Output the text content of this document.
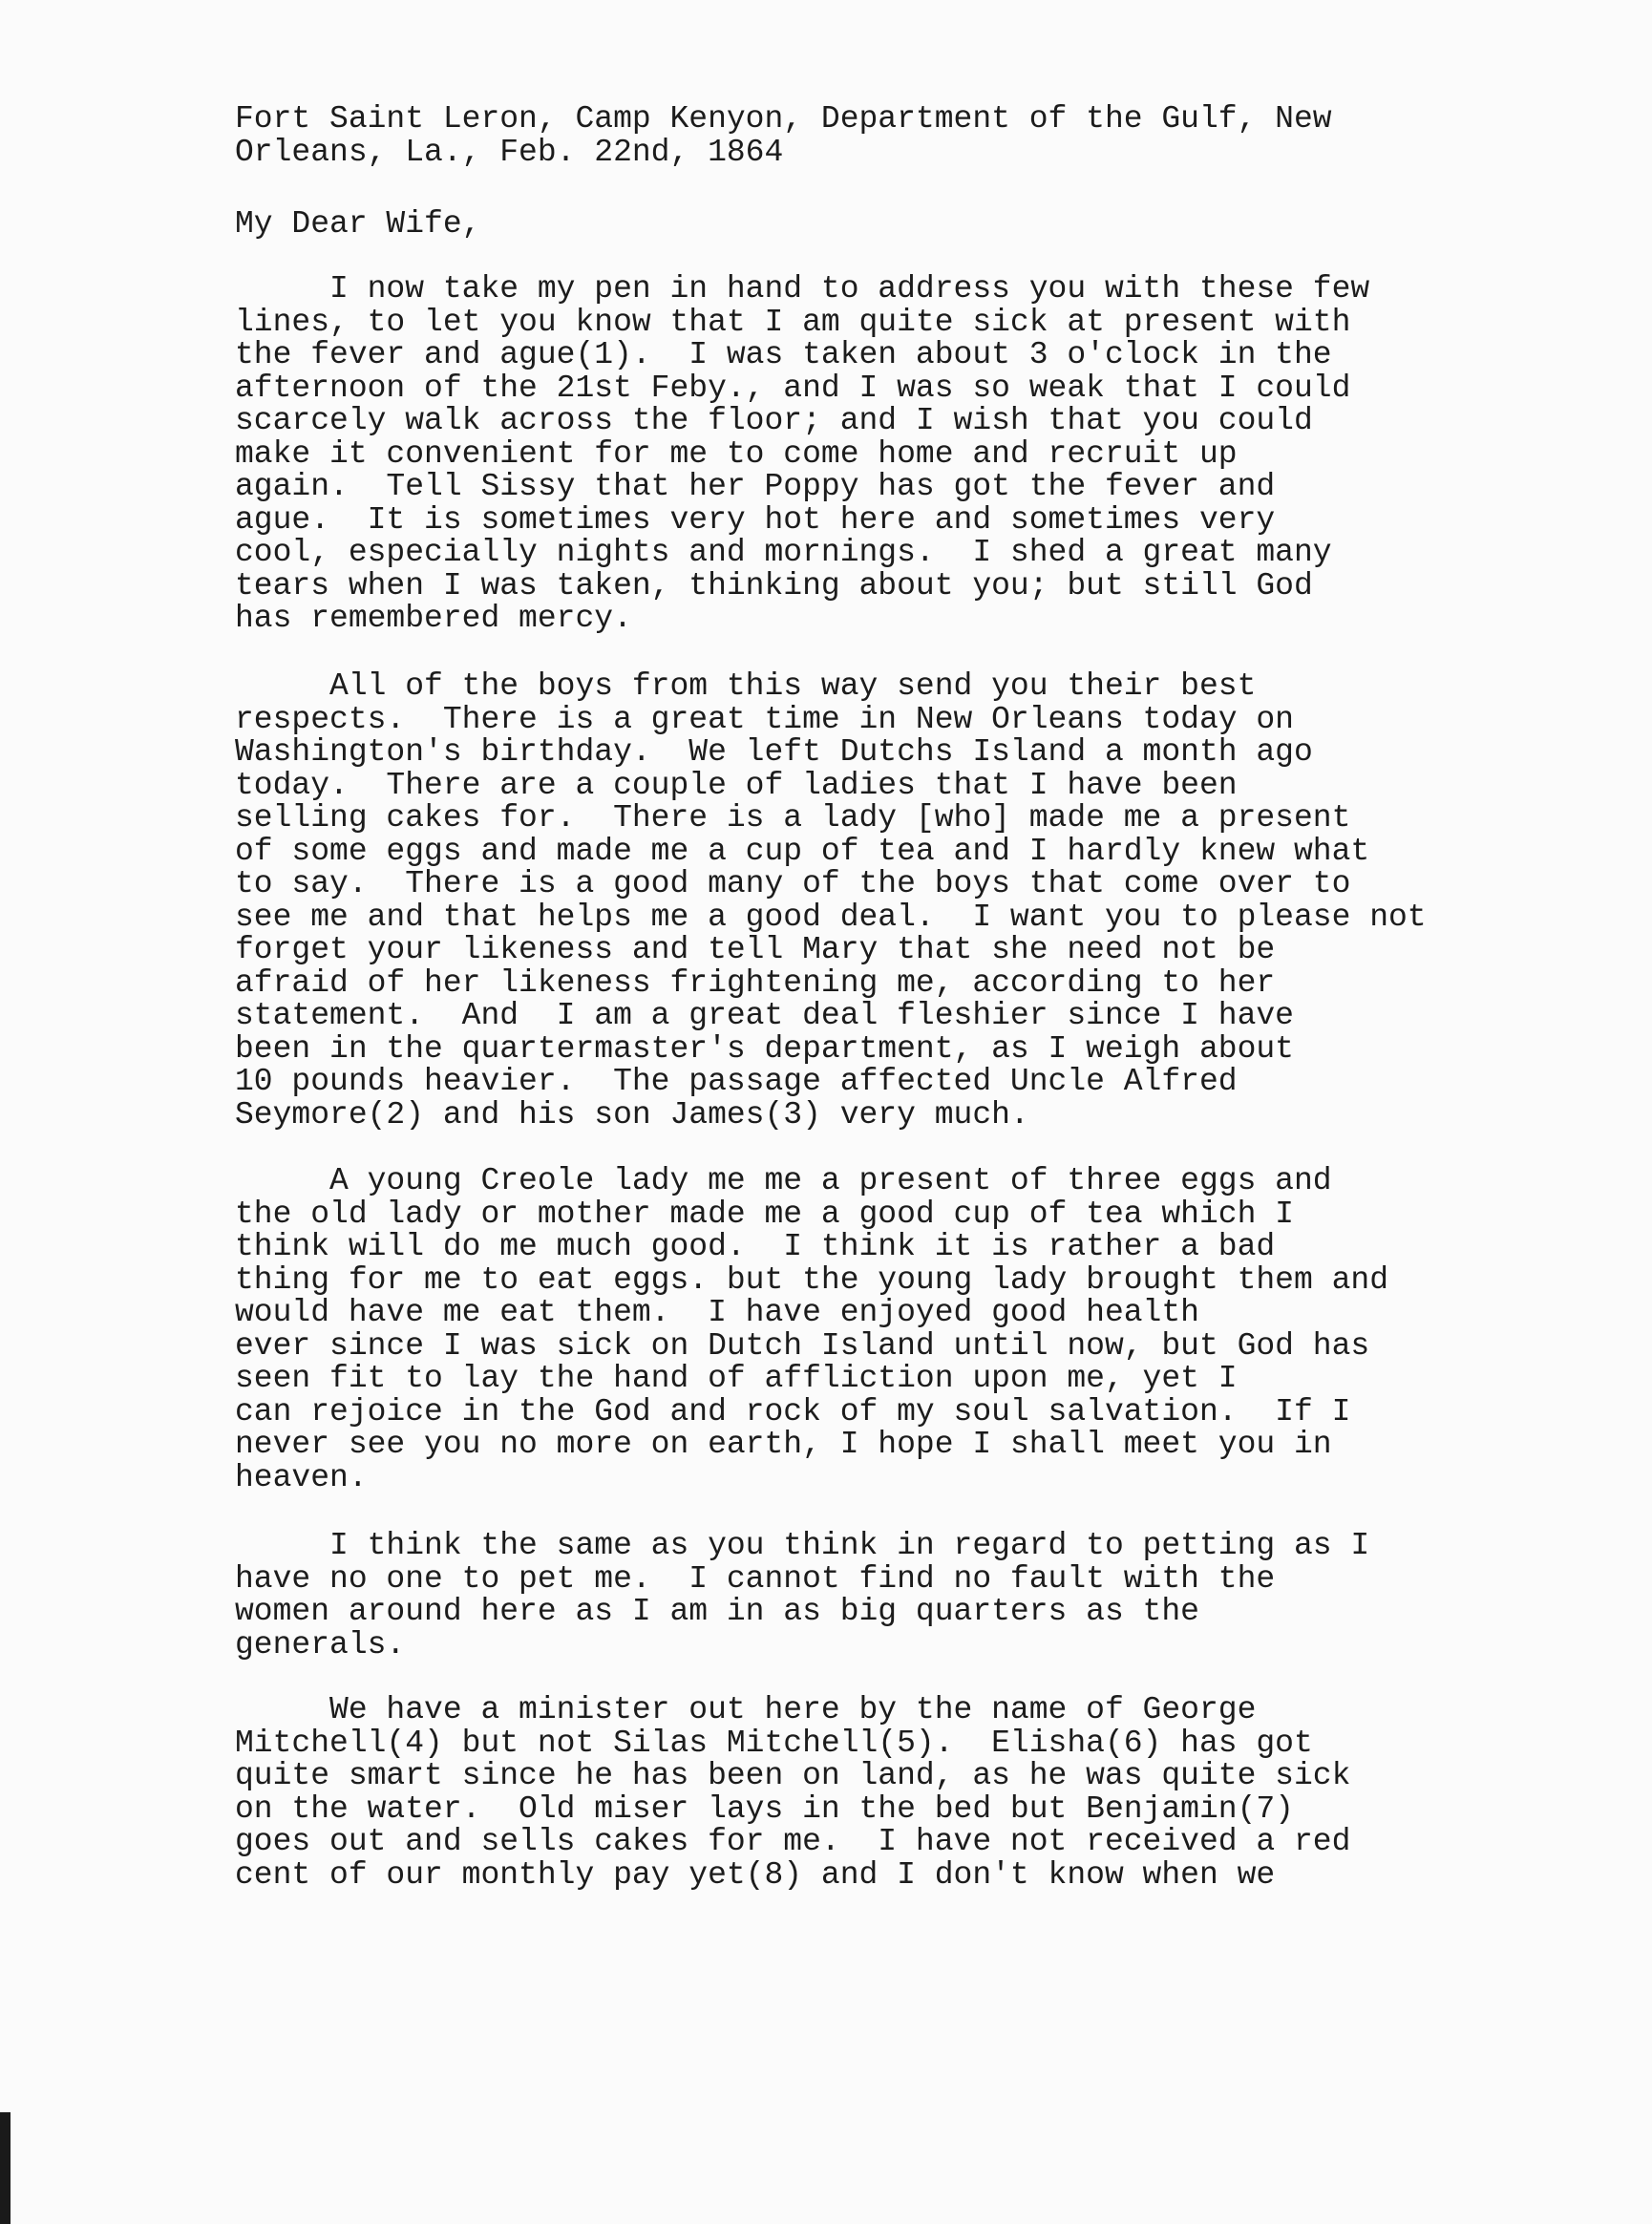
Fort Saint Leron, Camp Kenyon, Department of the Gulf, New
Orleans, La., Feb. 22nd, 1864
My Dear Wife,
I now take my pen in hand to address you with these few
lines, to let you know that I am quite sick at present with
the fever and ague(1).  I was taken about 3 o'clock in the
afternoon of the 21st Feby., and I was so weak that I could
scarcely walk across the floor; and I wish that you could
make it convenient for me to come home and recruit up
again.  Tell Sissy that her Poppy has got the fever and
ague.  It is sometimes very hot here and sometimes very
cool, especially nights and mornings.  I shed a great many
tears when I was taken, thinking about you; but still God
has remembered mercy.
All of the boys from this way send you their best
respects.  There is a great time in New Orleans today on
Washington's birthday.  We left Dutchs Island a month ago
today.  There are a couple of ladies that I have been
selling cakes for.  There is a lady [who] made me a present
of some eggs and made me a cup of tea and I hardly knew what
to say.  There is a good many of the boys that come over to
see me and that helps me a good deal.  I want you to please not
forget your likeness and tell Mary that she need not be
afraid of her likeness frightening me, according to her
statement.  And  I am a great deal fleshier since I have
been in the quartermaster's department, as I weigh about
10 pounds heavier.  The passage affected Uncle Alfred
Seymore(2) and his son James(3) very much.
A young Creole lady me me a present of three eggs and
the old lady or mother made me a good cup of tea which I
think will do me much good.  I think it is rather a bad
thing for me to eat eggs. but the young lady brought them and
would have me eat them.  I have enjoyed good health
ever since I was sick on Dutch Island until now, but God has
seen fit to lay the hand of affliction upon me, yet I
can rejoice in the God and rock of my soul salvation.  If I
never see you no more on earth, I hope I shall meet you in
heaven.
I think the same as you think in regard to petting as I
have no one to pet me.  I cannot find no fault with the
women around here as I am in as big quarters as the
generals.
We have a minister out here by the name of George
Mitchell(4) but not Silas Mitchell(5).  Elisha(6) has got
quite smart since he has been on land, as he was quite sick
on the water.  Old miser lays in the bed but Benjamin(7)
goes out and sells cakes for me.  I have not received a red
cent of our monthly pay yet(8) and I don't know when we
